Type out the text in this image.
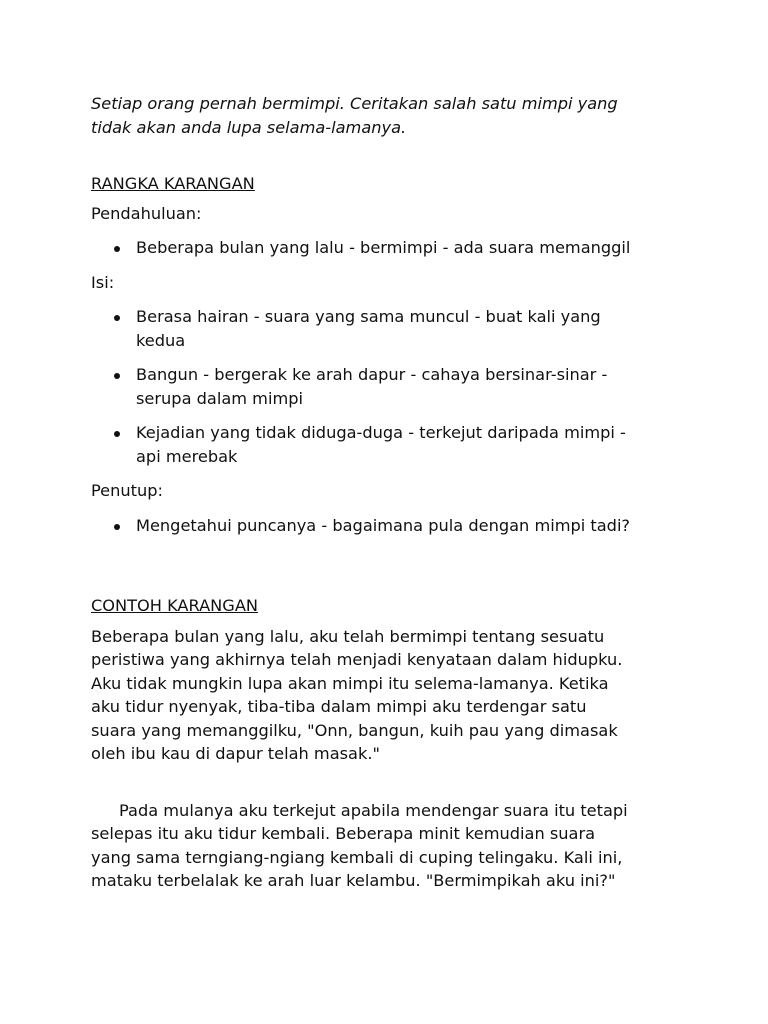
Setiap orang pernah bermimpi. Ceritakan salah satu mimpi yang
tidak akan anda lupa selama-lamanya.
RANGKA KARANGAN
Pendahuluan:
Beberapa bulan yang lalu - bermimpi - ada suara memanggil
Isi:
Berasa hairan - suara yang sama muncul - buat kali yang
kedua
Bangun - bergerak ke arah dapur - cahaya bersinar-sinar -
serupa dalam mimpi
Kejadian yang tidak diduga-duga - terkejut daripada mimpi -
api merebak
Penutup:
Mengetahui puncanya - bagaimana pula dengan mimpi tadi?
CONTOH KARANGAN

Beberapa bulan yang lalu, aku telah bermimpi tentang sesuatu
peristiwa yang akhirnya telah menjadi kenyataan dalam hidupku.
Aku tidak mungkin lupa akan mimpi itu selema-lamanya. Ketika
aku tidur nyenyak, tiba-tiba dalam mimpi aku terdengar satu
suara yang memanggilku, "Onn, bangun, kuih pau yang dimasak
oleh ibu kau di dapur telah masak."

Pada mulanya aku terkejut apabila mendengar suara itu tetapi
selepas itu aku tidur kembali. Beberapa minit kemudian suara
yang sama terngiang-ngiang kembali di cuping telingaku. Kali ini,
mataku terbelalak ke arah luar kelambu. "Bermimpikah aku ini?"
